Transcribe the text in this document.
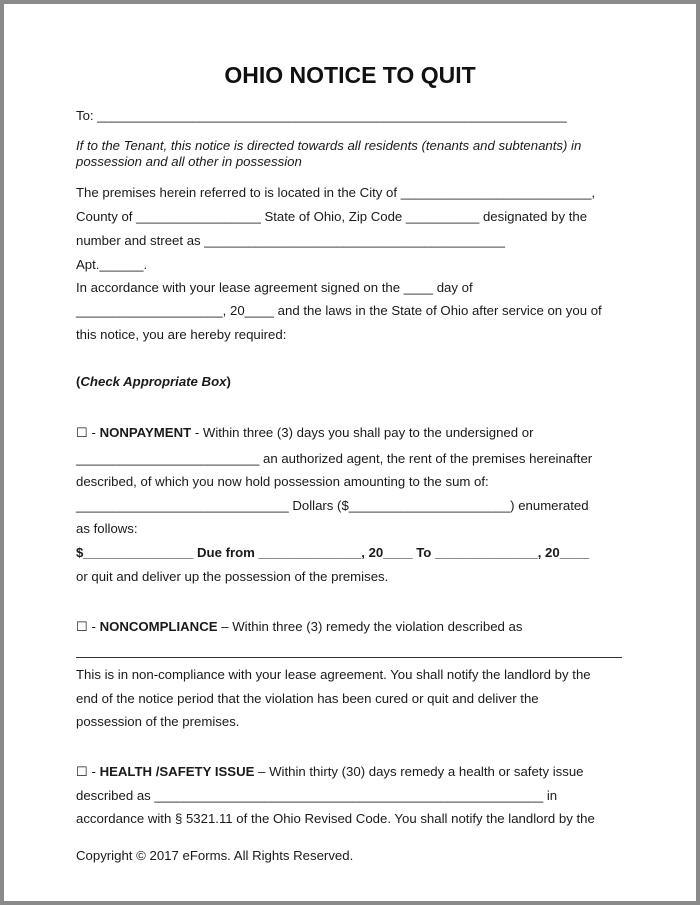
OHIO NOTICE TO QUIT
To: ________________________________________________________________
If to the Tenant, this notice is directed towards all residents (tenants and subtenants) in
possession and all other in possession
The premises herein referred to is located in the City of __________________________,
County of _________________ State of Ohio, Zip Code __________ designated by the
number and street as _________________________________________
Apt.______.
In accordance with your lease agreement signed on the ____ day of
____________________, 20____ and the laws in the State of Ohio after service on you of
this notice, you are hereby required:
(Check Appropriate Box)
☐ - NONPAYMENT - Within three (3) days you shall pay to the undersigned or
_________________________ an authorized agent, the rent of the premises hereinafter
described, of which you now hold possession amounting to the sum of:
_____________________________ Dollars ($______________________) enumerated
as follows:
$_______________ Due from ______________, 20____ To ______________, 20____
or quit and deliver up the possession of the premises.
☐ - NONCOMPLIANCE – Within three (3) remedy the violation described as
This is in non-compliance with your lease agreement. You shall notify the landlord by the
end of the notice period that the violation has been cured or quit and deliver the
possession of the premises.
☐ - HEALTH /SAFETY ISSUE – Within thirty (30) days remedy a health or safety issue
described as _____________________________________________________ in
accordance with § 5321.11 of the Ohio Revised Code. You shall notify the landlord by the
Copyright © 2017 eForms. All Rights Reserved.
